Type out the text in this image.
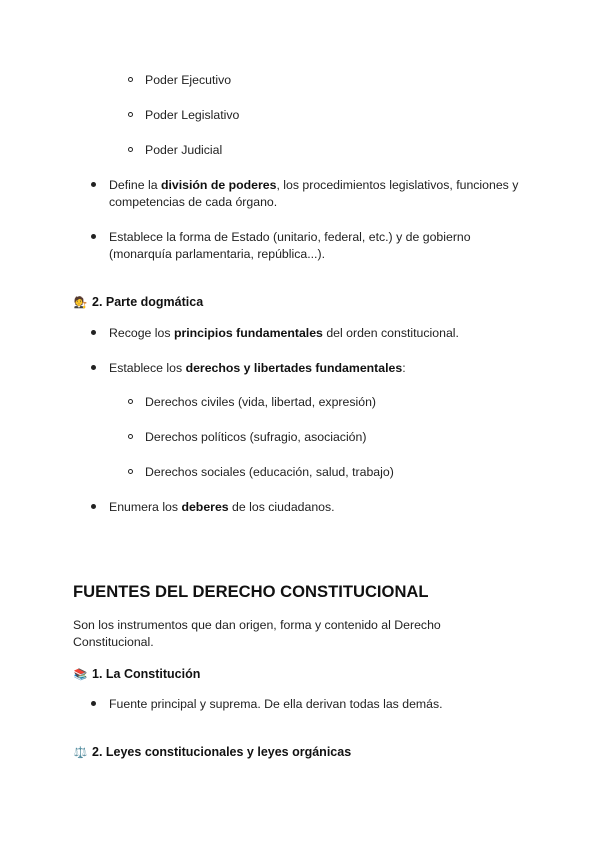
Poder Ejecutivo
Poder Legislativo
Poder Judicial
Define la división de poderes, los procedimientos legislativos, funciones y
competencias de cada órgano.
Establece la forma de Estado (unitario, federal, etc.) y de gobierno
(monarquía parlamentaria, república...).
🧑‍⚖️ 2. Parte dogmática
Recoge los principios fundamentales del orden constitucional.
Establece los derechos y libertades fundamentales:
Derechos civiles (vida, libertad, expresión)
Derechos políticos (sufragio, asociación)
Derechos sociales (educación, salud, trabajo)
Enumera los deberes de los ciudadanos.
FUENTES DEL DERECHO CONSTITUCIONAL
Son los instrumentos que dan origen, forma y contenido al Derecho
Constitucional.
📚 1. La Constitución
Fuente principal y suprema. De ella derivan todas las demás.
⚖️ 2. Leyes constitucionales y leyes orgánicas
